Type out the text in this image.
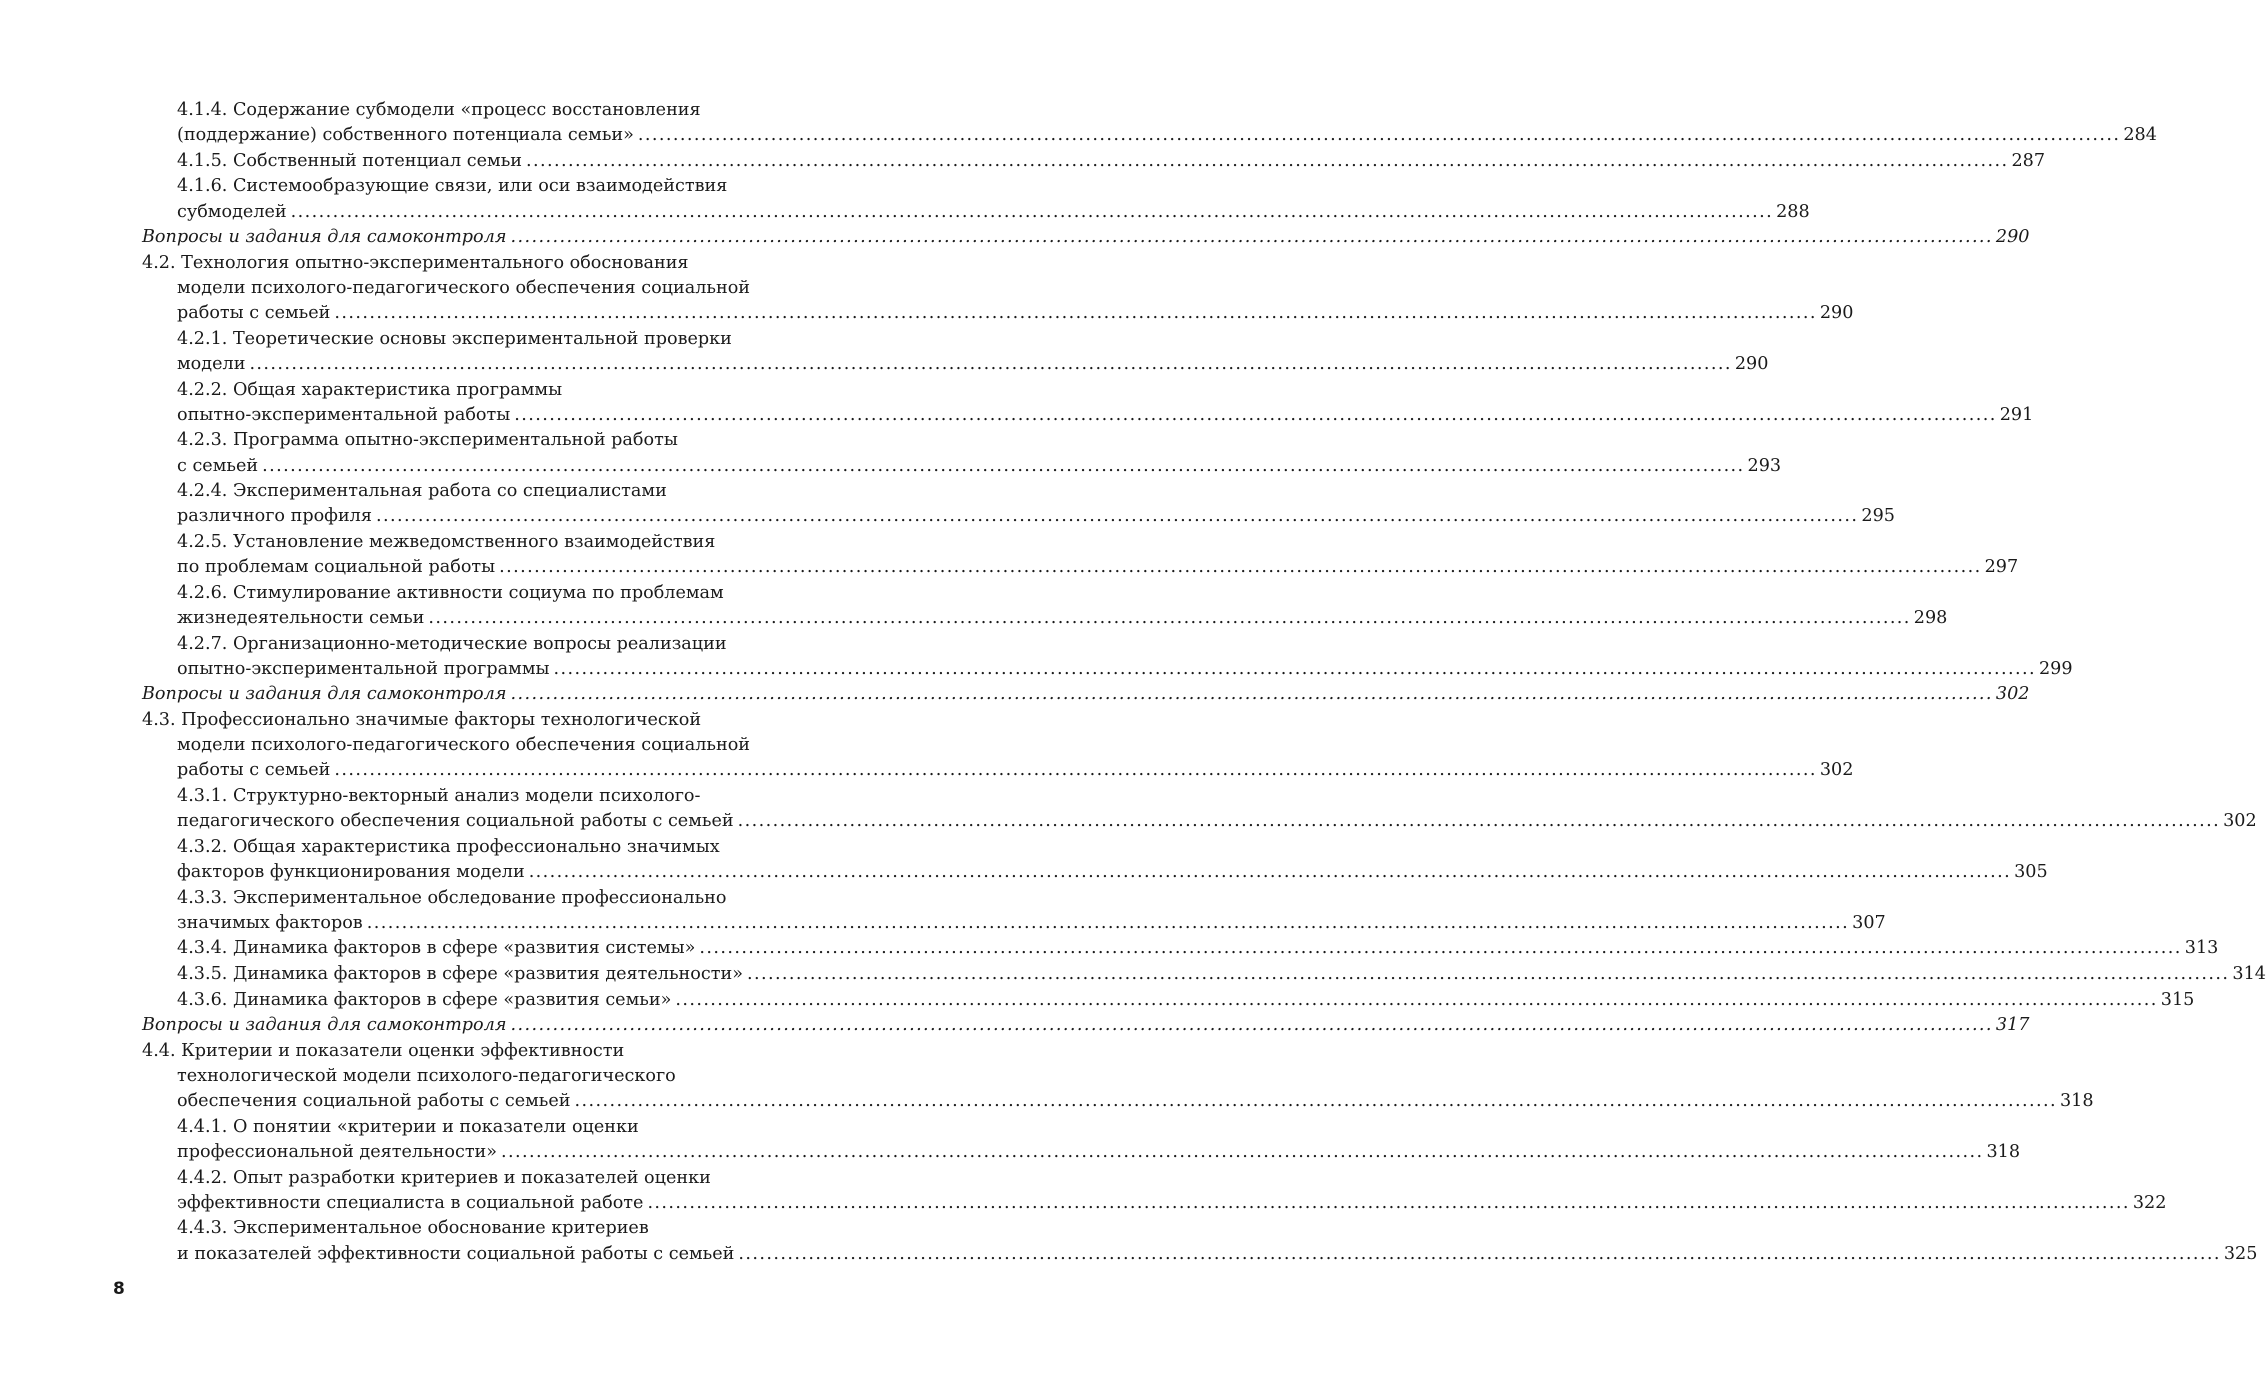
4.1.4. Содержание субмодели «процесс восстановления
(поддержание) собственного потенциала семьи» .....	284
4.1.5. Собственный потенциал семьи .....	287
4.1.6. Системообразующие связи, или оси взаимодействия
субмоделей .....	288
Вопросы и задания для самоконтроля .....	290
4.2. Технология опытно-экспериментального обоснования
модели психолого-педагогического обеспечения социальной
работы с семьей .....	290
4.2.1. Теоретические основы экспериментальной проверки
модели .....	290
4.2.2. Общая характеристика программы
опытно-экспериментальной работы .....	291
4.2.3. Программа опытно-экспериментальной работы
с семьей .....	293
4.2.4. Экспериментальная работа со специалистами
различного профиля .....	295
4.2.5. Установление межведомственного взаимодействия
по проблемам социальной работы .....	297
4.2.6. Стимулирование активности социума по проблемам
жизнедеятельности семьи .....	298
4.2.7. Организационно-методические вопросы реализации
опытно-экспериментальной программы .....	299
Вопросы и задания для самоконтроля .....	302
4.3. Профессионально значимые факторы технологической
модели психолого-педагогического обеспечения социальной
работы с семьей .....	302
4.3.1. Структурно-векторный анализ модели психолого-
педагогического обеспечения социальной работы с семьей .....	302
4.3.2. Общая характеристика профессионально значимых
факторов функционирования модели .....	305
4.3.3. Экспериментальное обследование профессионально
значимых факторов .....	307
4.3.4. Динамика факторов в сфере «развития системы» .....	313
4.3.5. Динамика факторов в сфере «развития деятельности» .....	314
4.3.6. Динамика факторов в сфере «развития семьи» .....	315
Вопросы и задания для самоконтроля .....	317
4.4. Критерии и показатели оценки эффективности
технологической модели психолого-педагогического
обеспечения социальной работы с семьей .....	318
4.4.1. О понятии «критерии и показатели оценки
профессиональной деятельности» .....	318
4.4.2. Опыт разработки критериев и показателей оценки
эффективности специалиста в социальной работе .....	322
4.4.3. Экспериментальное обоснование критериев
и показателей эффективности социальной работы с семьей .....	325
8
